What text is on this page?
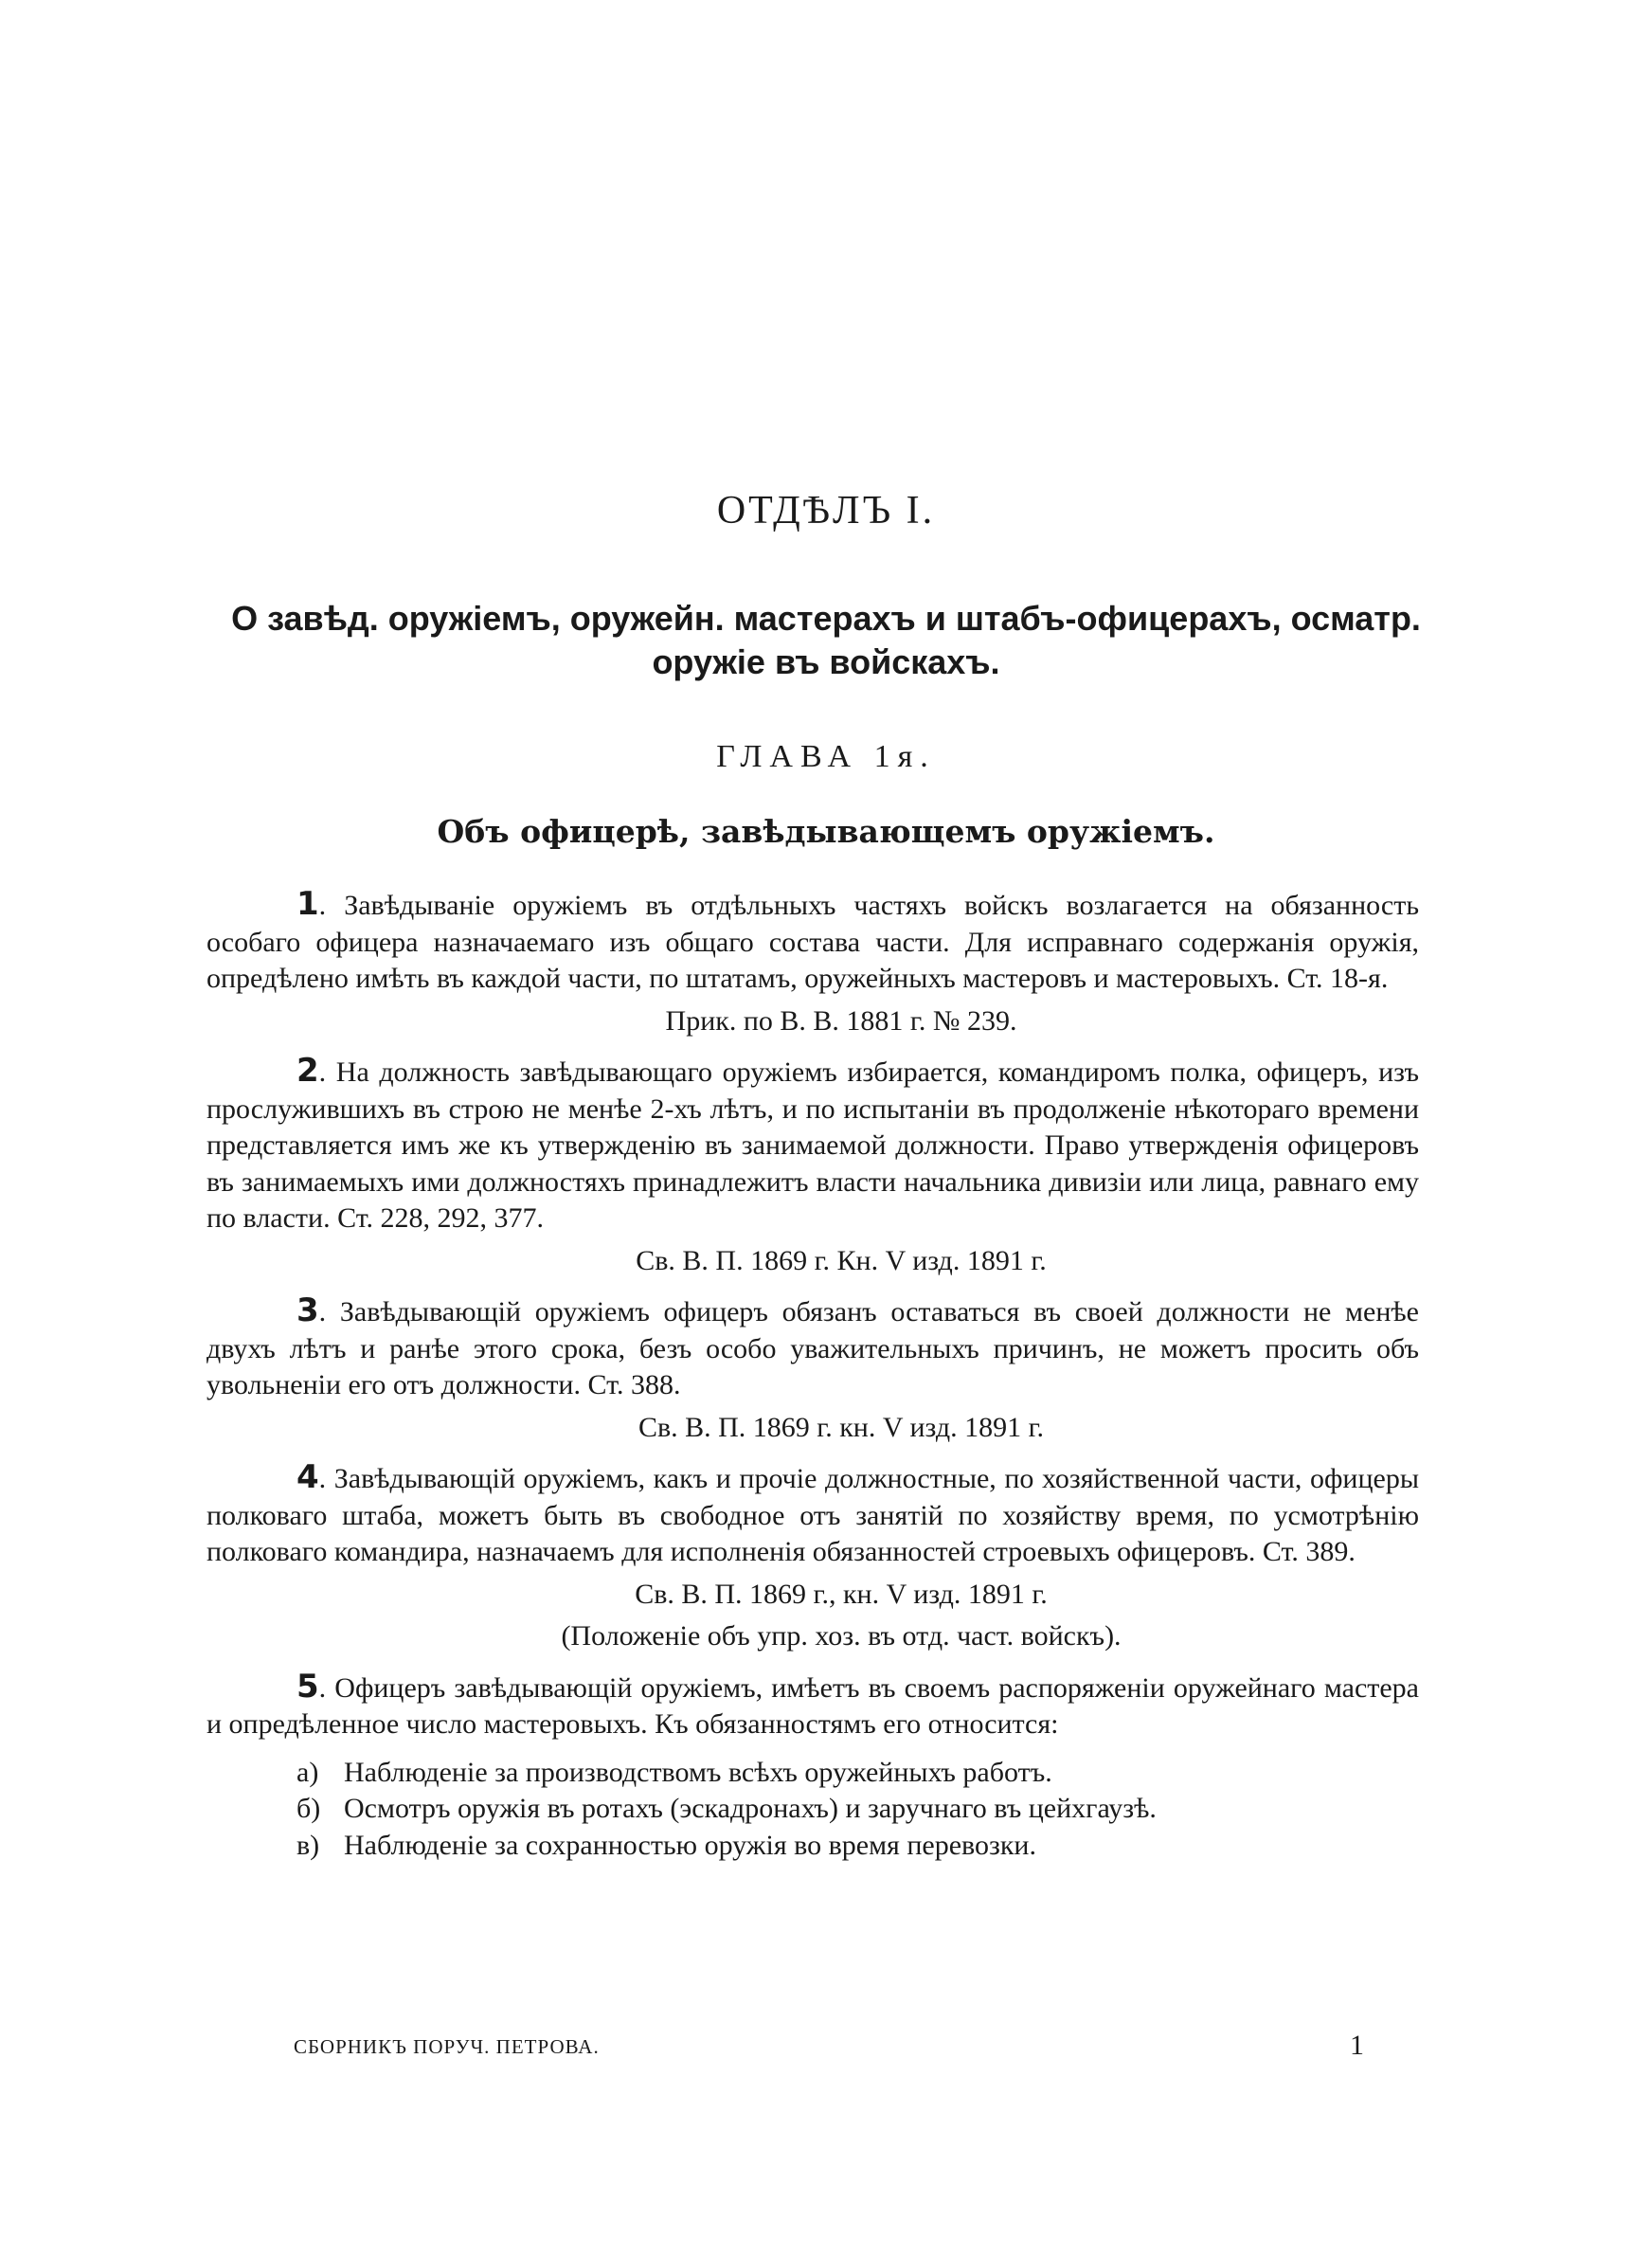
ОТДѢЛЪ I.
О завѣд. оружіемъ, оружейн. мастерахъ и штабъ-офицерахъ, осматр.
оружіе въ войскахъ.
ГЛАВА 1я.
Объ офицерѣ, завѣдывающемъ оружіемъ.

1. Завѣдываніе оружіемъ въ отдѣльныхъ частяхъ войскъ возлагается на обязанность особаго офицера назначаемаго изъ общаго состава части. Для исправнаго содержанія оружія, опредѣлено имѣть въ каждой части, по штатамъ, оружейныхъ мастеровъ и мастеровыхъ. Ст. 18-я.

Прик. по В. В. 1881 г. № 239.

2. На должность завѣдывающаго оружіемъ избирается, командиромъ полка, офицеръ, изъ прослужившихъ въ строю не менѣе 2-хъ лѣтъ, и по испытаніи въ продолженіе нѣкотораго времени представляется имъ же къ утвержденію въ занимаемой должности. Право утвержденія офицеровъ въ занимаемыхъ ими должностяхъ принадлежитъ власти начальника дивизіи или лица, равнаго ему по власти. Ст. 228, 292, 377.

Св. В. П. 1869 г. Кн. V изд. 1891 г.

3. Завѣдывающій оружіемъ офицеръ обязанъ оставаться въ своей должности не менѣе двухъ лѣтъ и ранѣе этого срока, безъ особо уважительныхъ причинъ, не можетъ просить объ увольненіи его отъ должности. Ст. 388.

Св. В. П. 1869 г. кн. V изд. 1891 г.

4. Завѣдывающій оружіемъ, какъ и прочіе должностные, по хозяйственной части, офицеры полковаго штаба, можетъ быть въ свободное отъ занятій по хозяйству время, по усмотрѣнію полковаго командира, назначаемъ для исполненія обязанностей строевыхъ офицеровъ. Ст. 389.

Св. В. П. 1869 г., кн. V изд. 1891 г.
(Положеніе объ упр. хоз. въ отд. част. войскъ).

5. Офицеръ завѣдывающій оружіемъ, имѣетъ въ своемъ распоряженіи оружейнаго мастера и опредѣленное число мастеровыхъ. Къ обязанностямъ его относится:

а) Наблюденіе за производствомъ всѣхъ оружейныхъ работъ.

б) Осмотръ оружія въ ротахъ (эскадронахъ) и заручнаго въ цейхгаузѣ.

в) Наблюденіе за сохранностью оружія во время перевозки.

СБОРНИКЪ ПОРУЧ. ПЕТРОВА.	1
